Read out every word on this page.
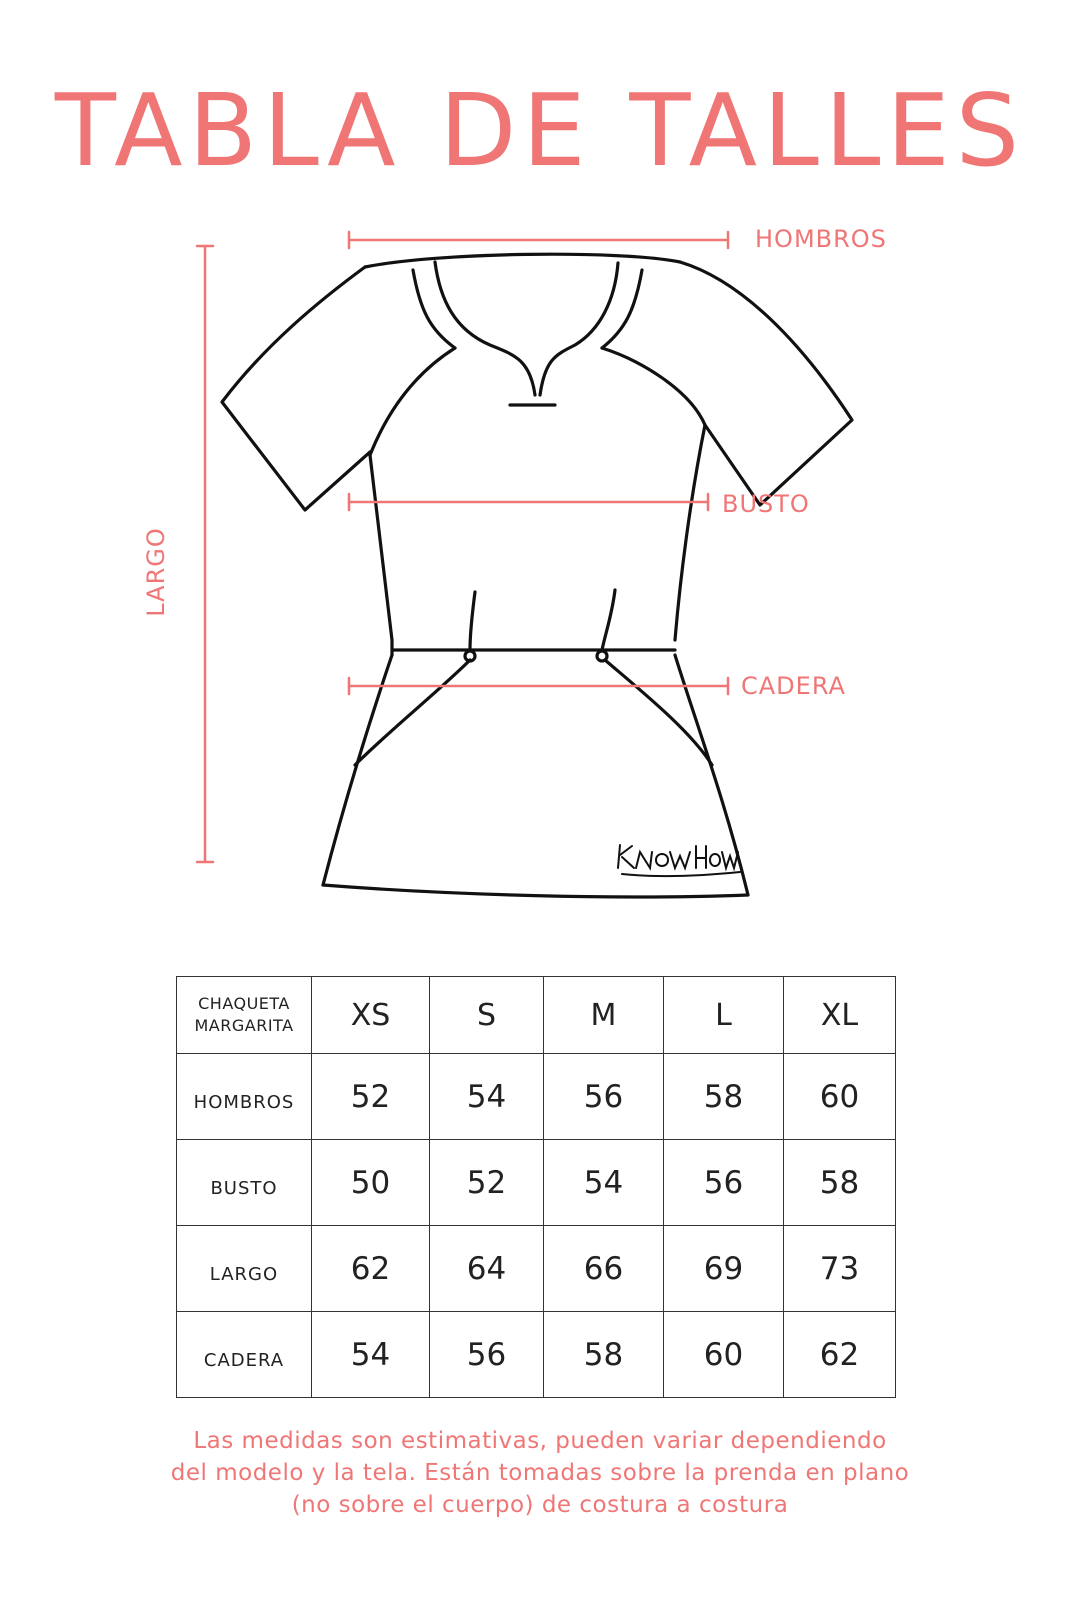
TABLA DE TALLES
HOMBROS
BUSTO
CADERA
LARGO
CHAQUETA
MARGARITA	XS	S	M	L	XL
HOMBROS	52	54	56	58	60
BUSTO	50	52	54	56	58
LARGO	62	64	66	69	73
CADERA	54	56	58	60	62
Las medidas son estimativas, pueden variar dependiendo
del modelo y la tela. Están tomadas sobre la prenda en plano
(no sobre el cuerpo) de costura a costura
